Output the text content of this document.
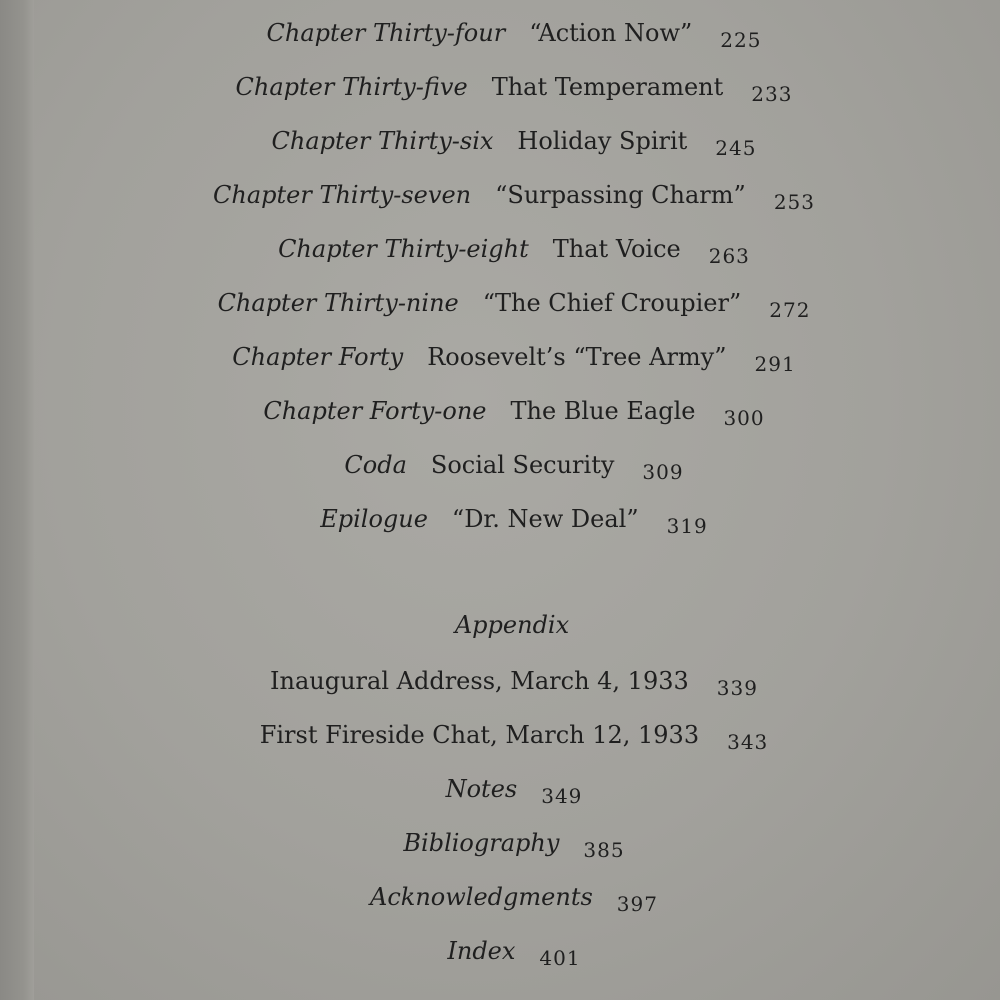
Chapter Thirty-four “Action Now” 225
Chapter Thirty-five That Temperament 233
Chapter Thirty-six Holiday Spirit 245
Chapter Thirty-seven “Surpassing Charm” 253
Chapter Thirty-eight That Voice 263
Chapter Thirty-nine “The Chief Croupier” 272
Chapter Forty Roosevelt’s “Tree Army” 291
Chapter Forty-one The Blue Eagle 300
Coda Social Security 309
Epilogue “Dr. New Deal” 319
Appendix
Inaugural Address, March 4, 1933 339
First Fireside Chat, March 12, 1933 343
Notes 349
Bibliography 385
Acknowledgments 397
Index 401
